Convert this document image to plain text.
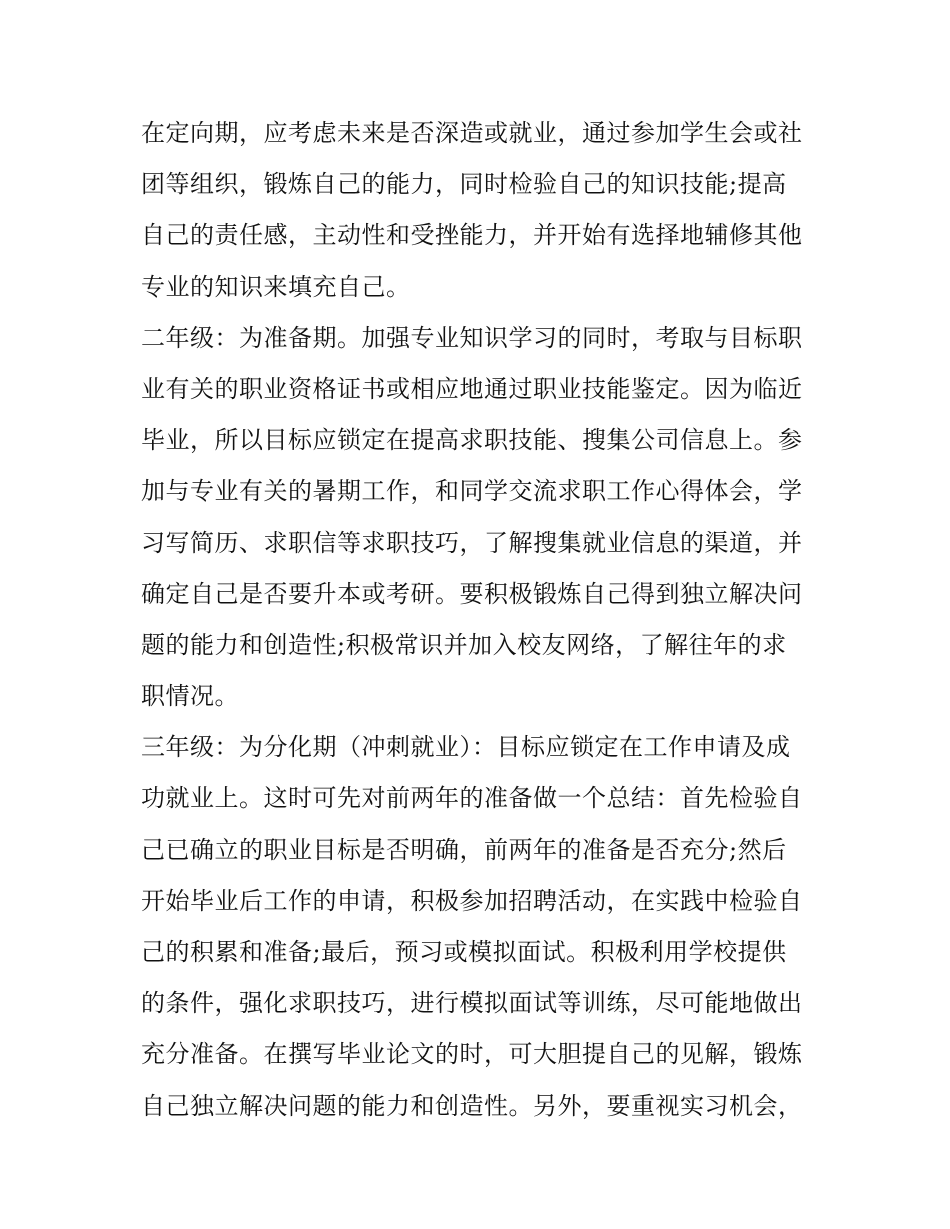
在定向期，应考虑未来是否深造或就业，通过参加学生会或社
团等组织，锻炼自己的能力，同时检验自己的知识技能;提高
自己的责任感，主动性和受挫能力，并开始有选择地辅修其他
专业的知识来填充自己。
二年级：为准备期。加强专业知识学习的同时，考取与目标职
业有关的职业资格证书或相应地通过职业技能鉴定。因为临近
毕业，所以目标应锁定在提高求职技能、搜集公司信息上。参
加与专业有关的暑期工作，和同学交流求职工作心得体会，学
习写简历、求职信等求职技巧，了解搜集就业信息的渠道，并
确定自己是否要升本或考研。要积极锻炼自己得到独立解决问
题的能力和创造性;积极常识并加入校友网络，了解往年的求
职情况。
三年级：为分化期（冲刺就业）：目标应锁定在工作申请及成
功就业上。这时可先对前两年的准备做一个总结：首先检验自
己已确立的职业目标是否明确，前两年的准备是否充分;然后
开始毕业后工作的申请，积极参加招聘活动，在实践中检验自
己的积累和准备;最后，预习或模拟面试。积极利用学校提供
的条件，强化求职技巧，进行模拟面试等训练，尽可能地做出
充分准备。在撰写毕业论文的时，可大胆提自己的见解，锻炼
自己独立解决问题的能力和创造性。另外，要重视实习机会，
